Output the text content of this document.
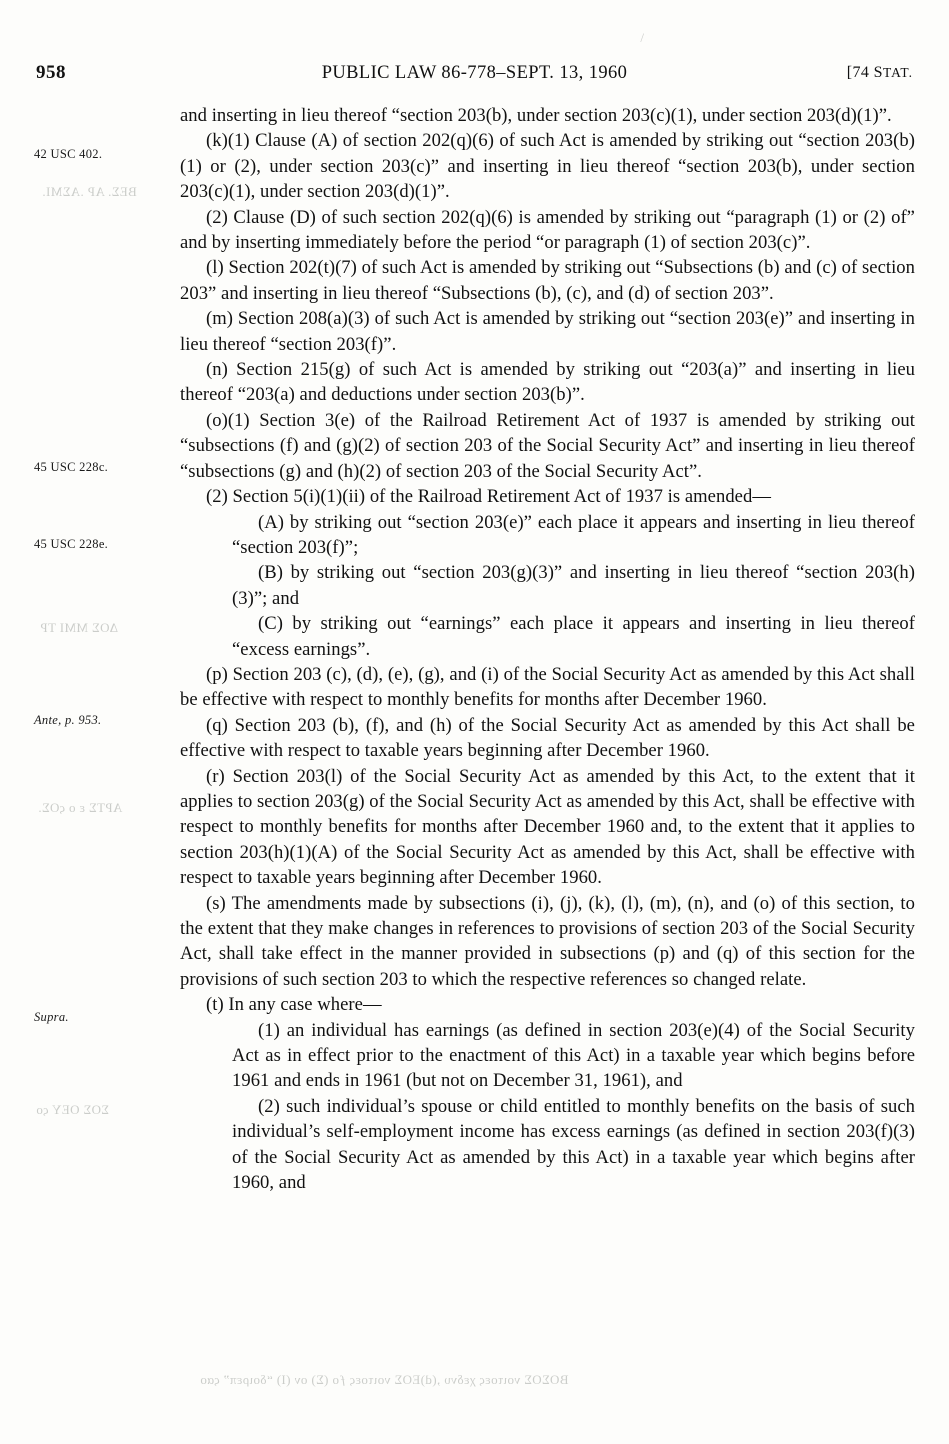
958	PUBLIC LAW 86-778–SEPT. 13, 1960	[74 STAT.
42 USC 402.
45 USC 228c.
45 USC 228e.
Ante, p. 953.
Supra.
ΒΕΣ. ΑΡ .ΑΣΜΙ.
ΔΟΣ ΜΜΙ ΤΡ
ΑΡΤΣ ε ο ςΟΣ.
ΣΟΣ ΟΕΥ ςο

and inserting in lieu thereof “section 203(b), under section 203(c)(1), under section 203(d)(1)”.

(k)(1) Clause (A) of section 202(q)(6) of such Act is amended by striking out “section 203(b)(1) or (2), under section 203(c)” and inserting in lieu thereof “section 203(b), under section 203(c)(1), under section 203(d)(1)”.

(2) Clause (D) of such section 202(q)(6) is amended by striking out “paragraph (1) or (2) of” and by inserting immediately before the period “or paragraph (1) of section 203(c)”.

(l) Section 202(t)(7) of such Act is amended by striking out “Subsections (b) and (c) of section 203” and inserting in lieu thereof “Subsections (b), (c), and (d) of section 203”.

(m) Section 208(a)(3) of such Act is amended by striking out “section 203(e)” and inserting in lieu thereof “section 203(f)”.

(n) Section 215(g) of such Act is amended by striking out “203(a)” and inserting in lieu thereof “203(a) and deductions under section 203(b)”.

(o)(1) Section 3(e) of the Railroad Retirement Act of 1937 is amended by striking out “subsections (f) and (g)(2) of section 203 of the Social Security Act” and inserting in lieu thereof “subsections (g) and (h)(2) of section 203 of the Social Security Act”.

(2) Section 5(i)(1)(ii) of the Railroad Retirement Act of 1937 is amended—

(A) by striking out “section 203(e)” each place it appears and inserting in lieu thereof “section 203(f)”;

(B) by striking out “section 203(g)(3)” and inserting in lieu thereof “section 203(h)(3)”; and

(C) by striking out “earnings” each place it appears and inserting in lieu thereof “excess earnings”.

(p) Section 203 (c), (d), (e), (g), and (i) of the Social Security Act as amended by this Act shall be effective with respect to monthly benefits for months after December 1960.

(q) Section 203 (b), (f), and (h) of the Social Security Act as amended by this Act shall be effective with respect to taxable years beginning after December 1960.

(r) Section 203(l) of the Social Security Act as amended by this Act, to the extent that it applies to section 203(g) of the Social Security Act as amended by this Act, shall be effective with respect to monthly benefits for months after December 1960 and, to the extent that it applies to section 203(h)(1)(A) of the Social Security Act as amended by this Act, shall be effective with respect to taxable years beginning after December 1960.

(s) The amendments made by subsections (i), (j), (k), (l), (m), (n), and (o) of this section, to the extent that they make changes in references to provisions of section 203 of the Social Security Act, shall take effect in the manner provided in subsections (p) and (q) of this section for the provisions of such section 203 to which the respective references so changed relate.

(t) In any case where—

(1) an individual has earnings (as defined in section 203(e)(4) of the Social Security Act as in effect prior to the enactment of this Act) in a taxable year which begins before 1961 and ends in 1961 (but not on December 31, 1961), and

(2) such individual’s spouse or child entitled to monthly benefits on the basis of such individual’s self-employment income has excess earnings (as defined in section 203(f)(3) of the Social Security Act as amended by this Act) in a taxable year which begins after 1960, and

ΒΟΣΟΣ νοιτοες χεδνυ ,(d)ΕΟΣ νοιτοες ƒο (Σ) ον (Ι) “δοιρεπ” ςαο
\
